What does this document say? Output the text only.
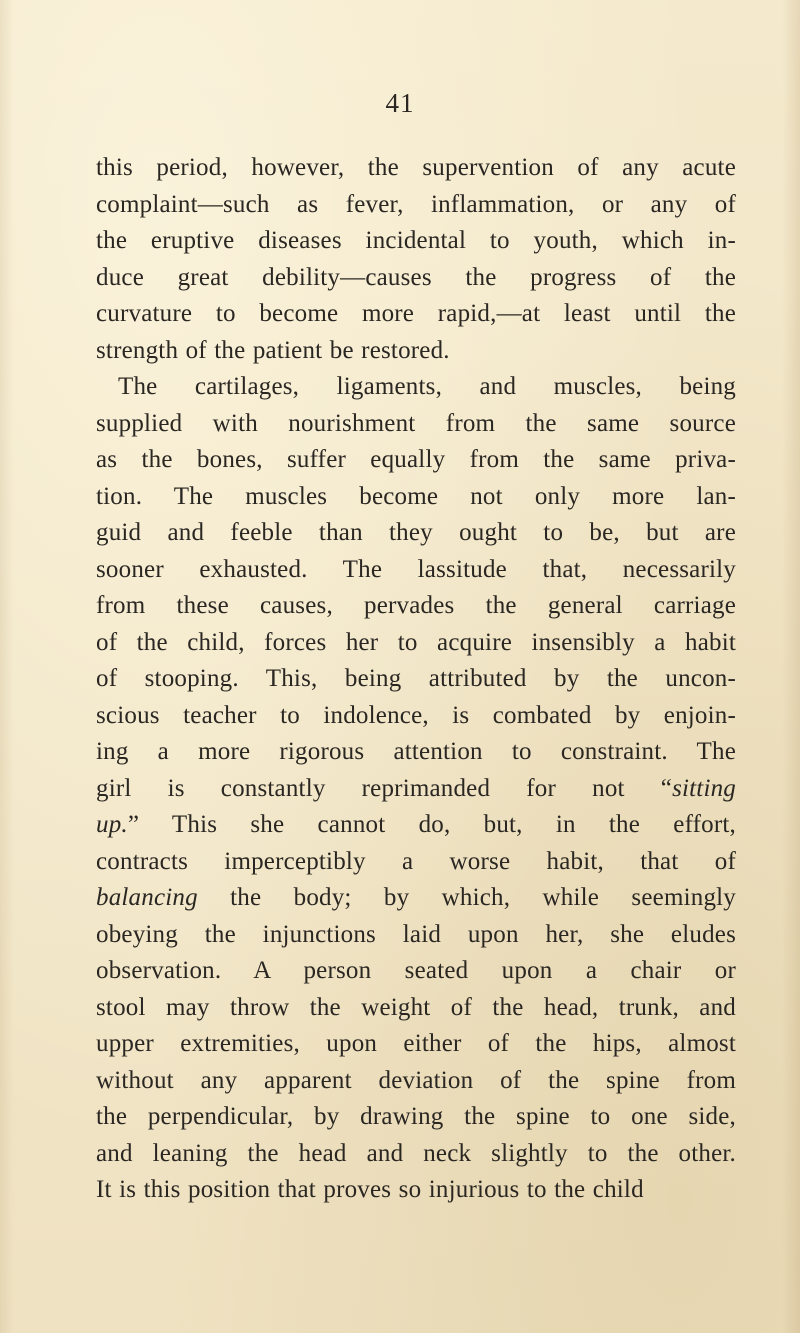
41
this period, however, the supervention of any acute
complaint—such as fever, inflammation, or any of
the eruptive diseases incidental to youth, which in-
duce great debility—causes the progress of the
curvature to become more rapid,—at least until the
strength of the patient be restored.
The cartilages, ligaments, and muscles, being
supplied with nourishment from the same source
as the bones, suffer equally from the same priva-
tion. The muscles become not only more lan-
guid and feeble than they ought to be, but are
sooner exhausted. The lassitude that, necessarily
from these causes, pervades the general carriage
of the child, forces her to acquire insensibly a habit
of stooping. This, being attributed by the uncon-
scious teacher to indolence, is combated by enjoin-
ing a more rigorous attention to constraint. The
girl is constantly reprimanded for not “sitting
up.” This she cannot do, but, in the effort,
contracts imperceptibly a worse habit, that of
balancing the body; by which, while seemingly
obeying the injunctions laid upon her, she eludes
observation. A person seated upon a chair or
stool may throw the weight of the head, trunk, and
upper extremities, upon either of the hips, almost
without any apparent deviation of the spine from
the perpendicular, by drawing the spine to one side,
and leaning the head and neck slightly to the other.
It is this position that proves so injurious to the child
